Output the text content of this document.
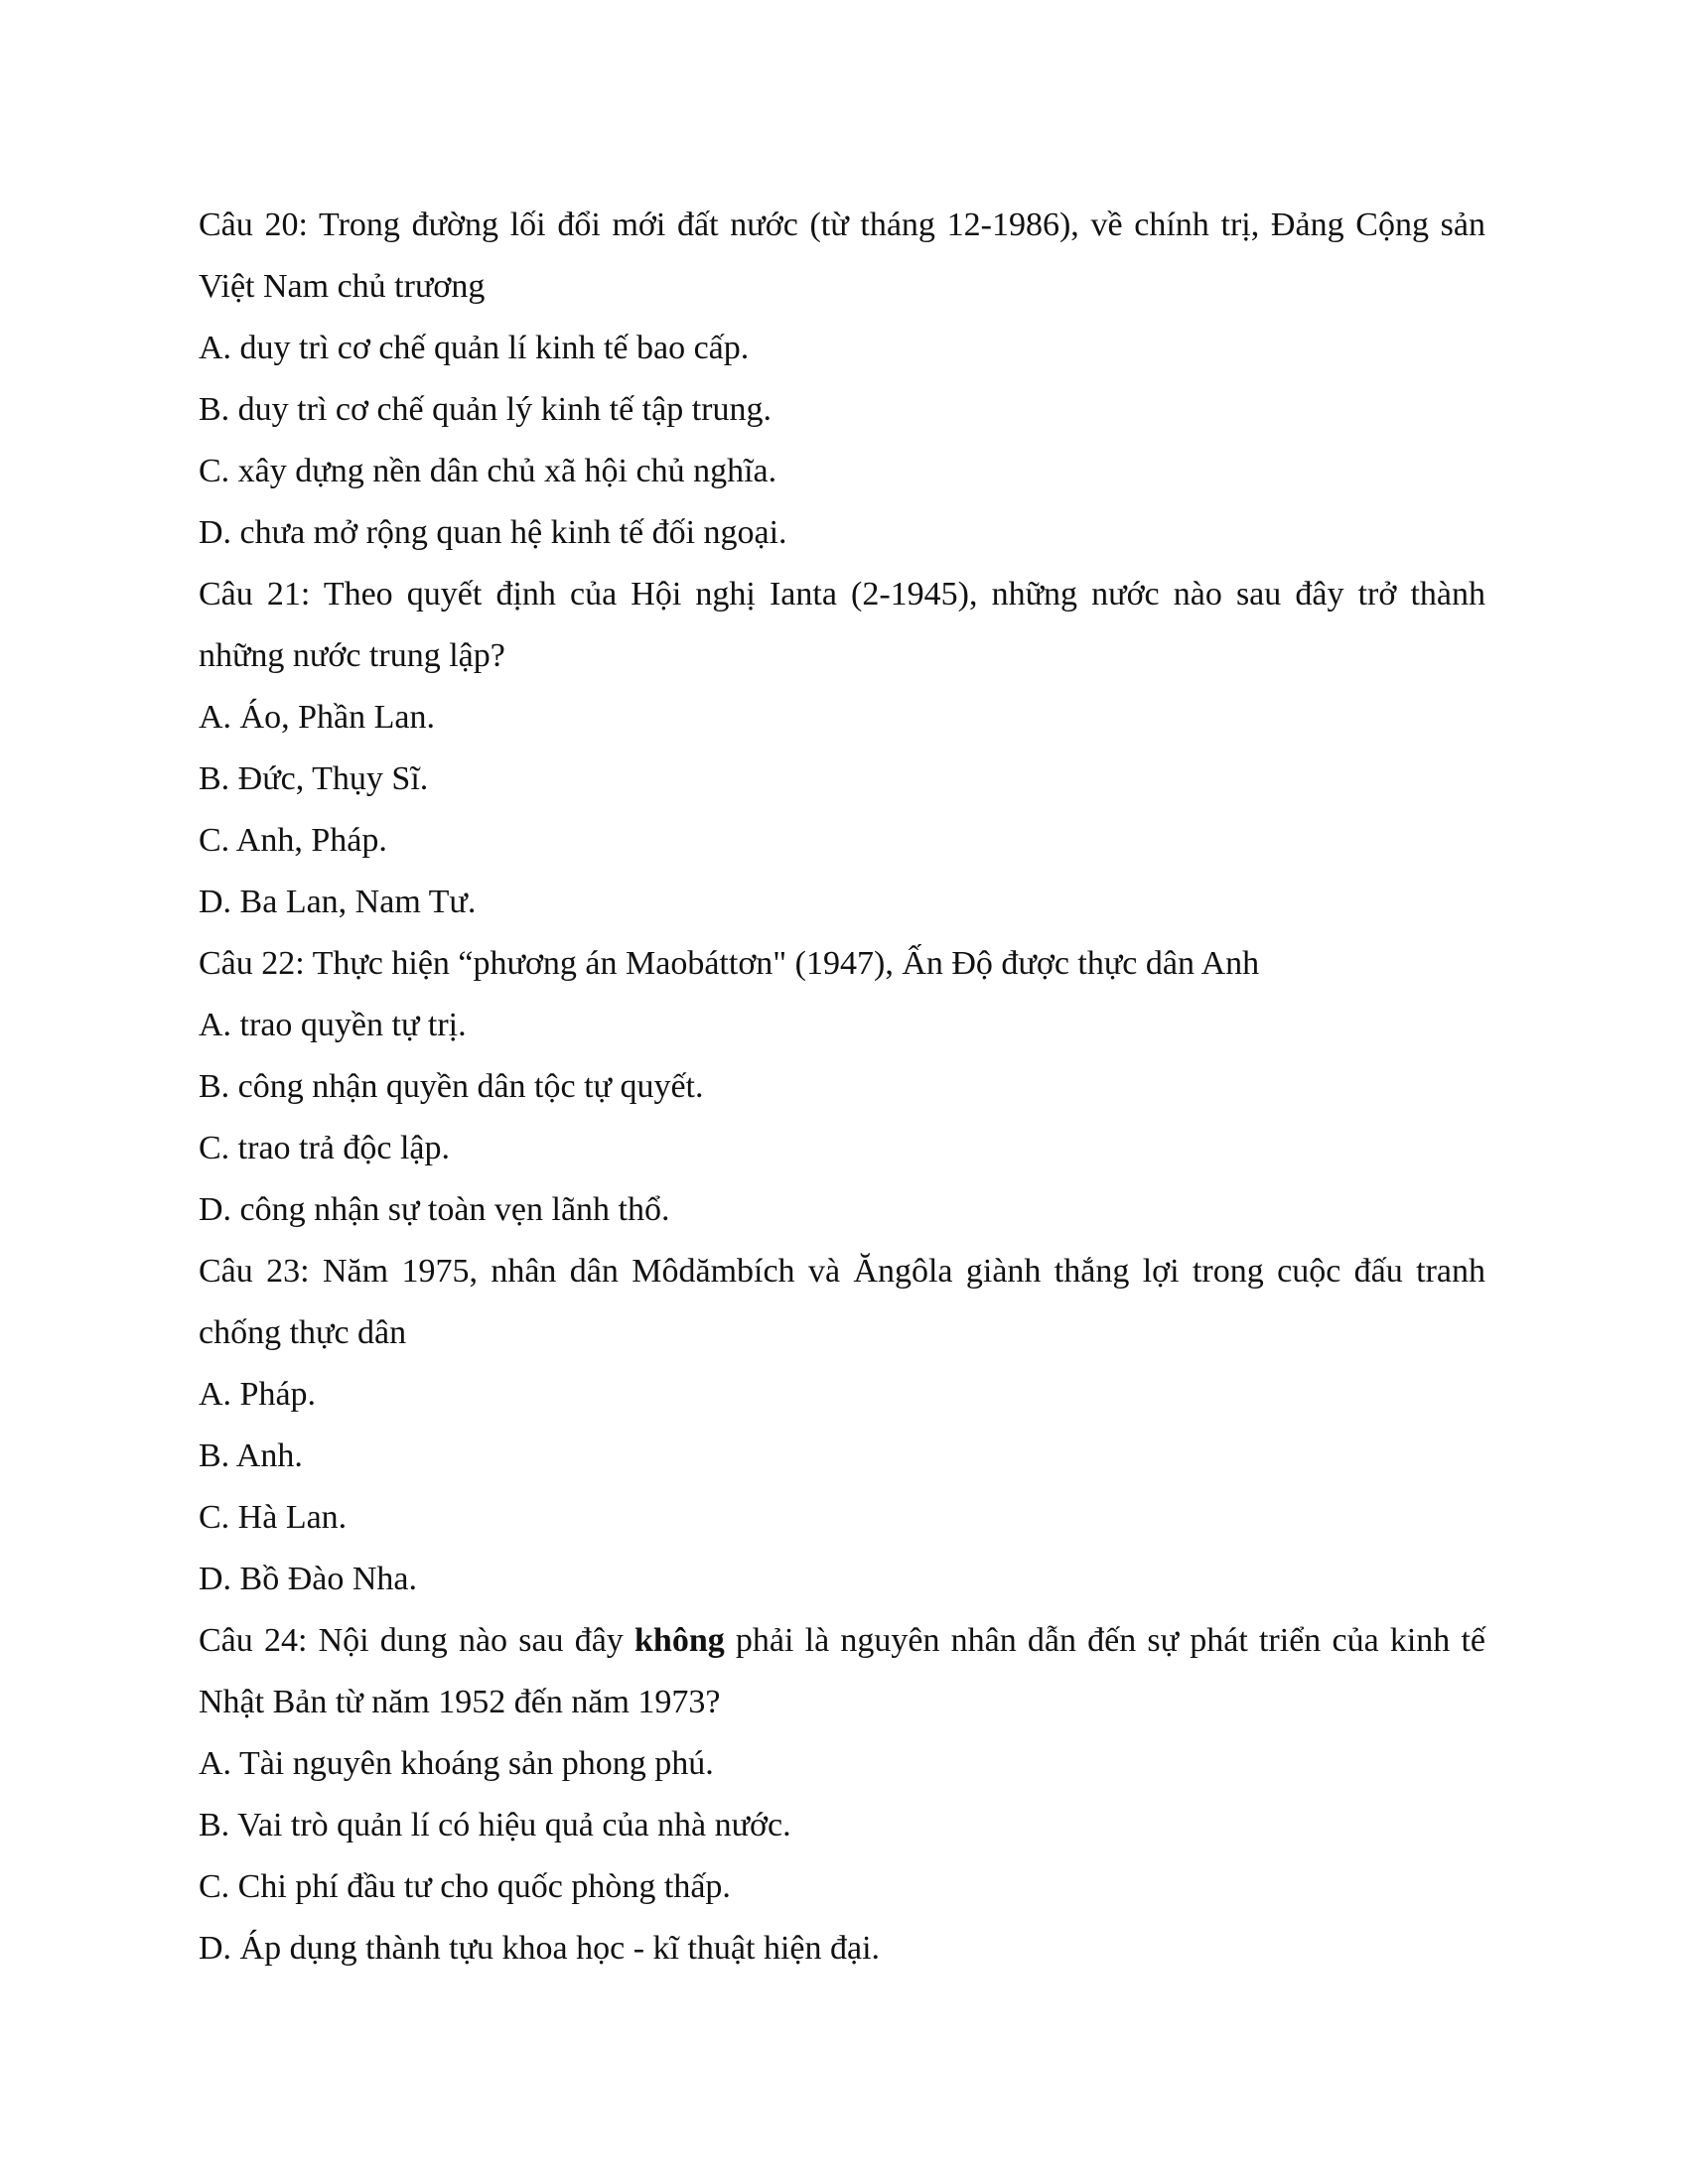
Câu 20: Trong đường lối đổi mới đất nước (từ tháng 12-1986), về chính trị, Đảng Cộng sản Việt Nam chủ trương

A. duy trì cơ chế quản lí kinh tế bao cấp.

B. duy trì cơ chế quản lý kinh tế tập trung.

C. xây dựng nền dân chủ xã hội chủ nghĩa.

D. chưa mở rộng quan hệ kinh tế đối ngoại.

Câu 21: Theo quyết định của Hội nghị Ianta (2-1945), những nước nào sau đây trở thành những nước trung lập?

A. Áo, Phần Lan.

B. Đức, Thụy Sĩ.

C. Anh, Pháp.

D. Ba Lan, Nam Tư.

Câu 22: Thực hiện “phương án Maobáttơn" (1947), Ấn Độ được thực dân Anh

A. trao quyền tự trị.

B. công nhận quyền dân tộc tự quyết.

C. trao trả độc lập.

D. công nhận sự toàn vẹn lãnh thổ.

Câu 23: Năm 1975, nhân dân Môdămbích và Ăngôla giành thắng lợi trong cuộc đấu tranh chống thực dân

A. Pháp.

B. Anh.

C. Hà Lan.

D. Bồ Đào Nha.

Câu 24: Nội dung nào sau đây không phải là nguyên nhân dẫn đến sự phát triển của kinh tế Nhật Bản từ năm 1952 đến năm 1973?

A. Tài nguyên khoáng sản phong phú.

B. Vai trò quản lí có hiệu quả của nhà nước.

C. Chi phí đầu tư cho quốc phòng thấp.

D. Áp dụng thành tựu khoa học - kĩ thuật hiện đại.
